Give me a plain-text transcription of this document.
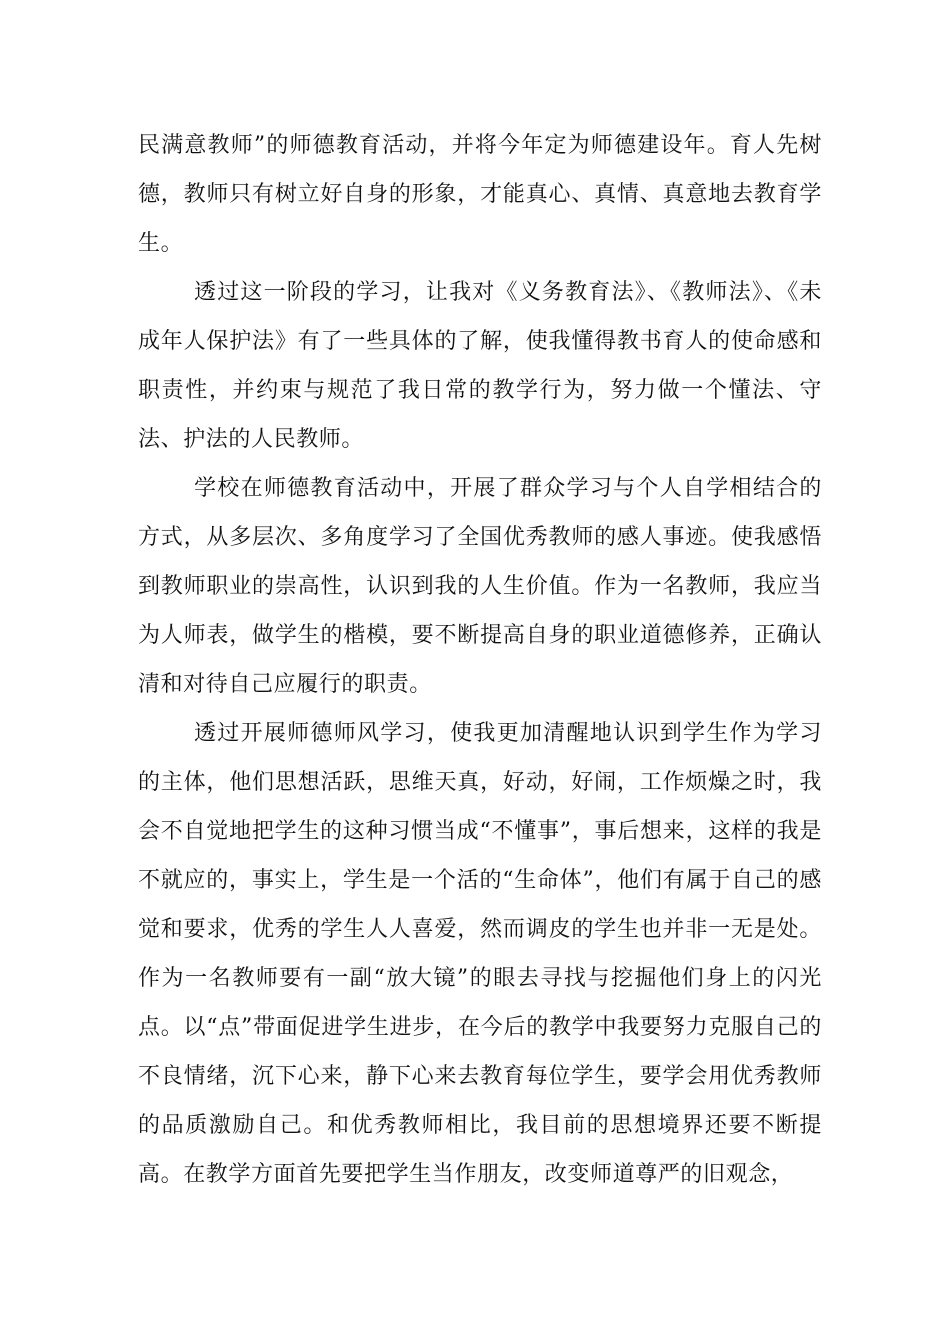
民满意教师”的师德教育活动，并将今年定为师德建设年。育人先树德，教师只有树立好自身的形象，才能真心、真情、真意地去教育学生。

透过这一阶段的学习，让我对《义务教育法》、《教师法》、《未成年人保护法》有了一些具体的了解，使我懂得教书育人的使命感和职责性，并约束与规范了我日常的教学行为，努力做一个懂法、守法、护法的人民教师。

学校在师德教育活动中，开展了群众学习与个人自学相结合的方式，从多层次、多角度学习了全国优秀教师的感人事迹。使我感悟到教师职业的崇高性，认识到我的人生价值。作为一名教师，我应当为人师表，做学生的楷模，要不断提高自身的职业道德修养，正确认清和对待自己应履行的职责。

透过开展师德师风学习，使我更加清醒地认识到学生作为学习的主体，他们思想活跃，思维天真，好动，好闹，工作烦燥之时，我会不自觉地把学生的这种习惯当成“不懂事”，事后想来，这样的我是不就应的，事实上，学生是一个活的“生命体”，他们有属于自己的感觉和要求，优秀的学生人人喜爱，然而调皮的学生也并非一无是处。作为一名教师要有一副“放大镜”的眼去寻找与挖掘他们身上的闪光点。以“点”带面促进学生进步，在今后的教学中我要努力克服自己的不良情绪，沉下心来，静下心来去教育每位学生，要学会用优秀教师的品质激励自己。和优秀教师相比，我目前的思想境界还要不断提高。在教学方面首先要把学生当作朋友，改变师道尊严的旧观念，
